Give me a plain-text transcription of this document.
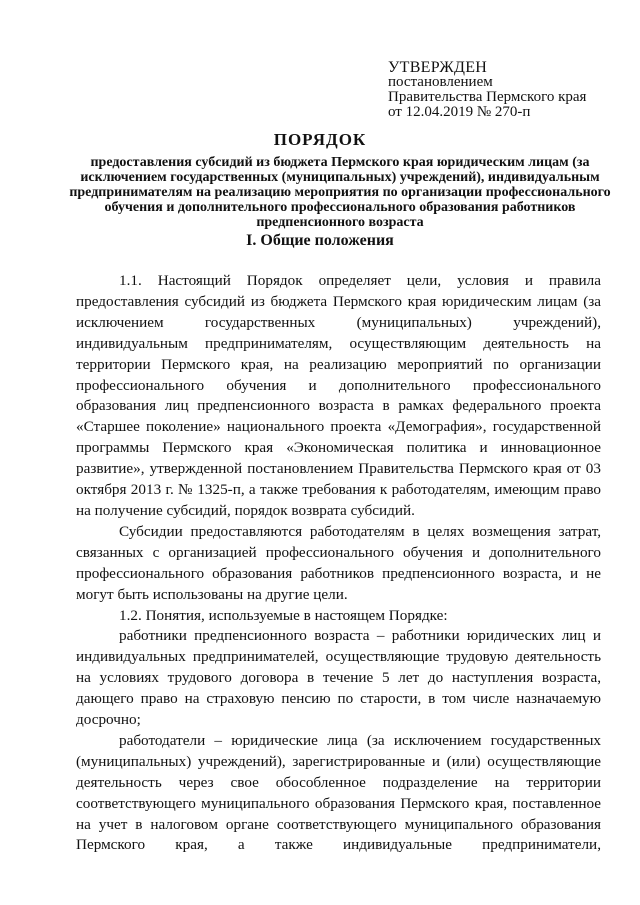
УТВЕРЖДЕН
постановлением
Правительства Пермского края
от 12.04.2019 № 270-п
ПОРЯДОК
предоставления субсидий из бюджета Пермского края юридическим лицам (за исключением государственных (муниципальных) учреждений), индивидуальным предпринимателям на реализацию мероприятия по организации профессионального обучения и дополнительного профессионального образования работников предпенсионного возраста
I. Общие положения

1.1. Настоящий Порядок определяет цели, условия и правила предоставления субсидий из бюджета Пермского края юридическим лицам (за исключением государственных (муниципальных) учреждений), индивидуальным предпринимателям, осуществляющим деятельность на территории Пермского края, на реализацию мероприятий по организации профессионального обучения и дополнительного профессионального образования лиц предпенсионного возраста в рамках федерального проекта «Старшее поколение» национального проекта «Демография», государственной программы Пермского края «Экономическая политика и инновационное развитие», утвержденной постановлением Правительства Пермского края от 03 октября 2013 г. № 1325-п, а также требования к работодателям, имеющим право на получение субсидий, порядок возврата субсидий.

Субсидии предоставляются работодателям в целях возмещения затрат, связанных с организацией профессионального обучения и дополнительного профессионального образования работников предпенсионного возраста, и не могут быть использованы на другие цели.

1.2. Понятия, используемые в настоящем Порядке:

работники предпенсионного возраста – работники юридических лиц и индивидуальных предпринимателей, осуществляющие трудовую деятельность на условиях трудового договора в течение 5 лет до наступления возраста, дающего право на страховую пенсию по старости, в том числе назначаемую досрочно;

работодатели – юридические лица (за исключением государственных (муниципальных) учреждений), зарегистрированные и (или) осуществляющие деятельность через свое обособленное подразделение на территории соответствующего муниципального образования Пермского края, поставленное на учет в налоговом органе соответствующего муниципального образования Пермского края, а также индивидуальные предприниматели,
